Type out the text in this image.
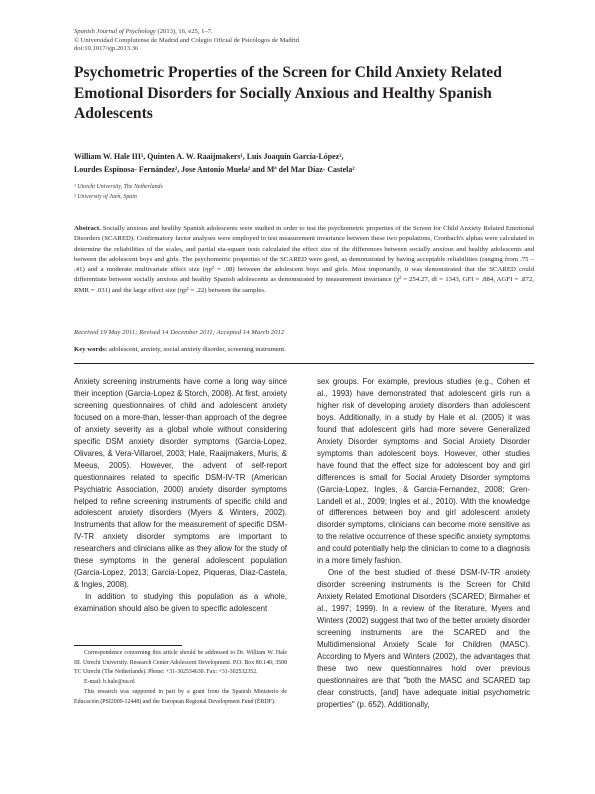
Spanish Journal of Psychology (2013), 16, e25, 1–7.
© Universidad Complutense de Madrid and Colegio Oficial de Psicólogos de Madrid
doi:10.1017/sjp.2013.36
Psychometric Properties of the Screen for Child Anxiety Related Emotional Disorders for Socially Anxious and Healthy Spanish Adolescents
William W. Hale III¹, Quinten A. W. Raaijmakers¹, Luis Joaquín García-López²,
Lourdes Espinosa- Fernández², Jose Antonio Muela² and Mª del Mar Díaz- Castela²
¹ Utrecht University, The Netherlands
² University of Jaén, Spain

Abstract. Socially anxious and healthy Spanish adolescents were studied in order to test the psychometric properties of the Screen for Child Anxiety Related Emotional Disorders (SCARED). Confirmatory factor analyses were employed to test measurement invariance between these two populations, Cronbach's alphas were calculated to determine the reliabilities of the scales, and partial eta-square tests calculated the effect size of the differences between socially anxious and healthy adolescents and between the adolescent boys and girls. The psychometric properties of the SCARED were good, as demonstrated by having acceptable reliabilities (ranging from .75 – .41) and a moderate multivariate effect size (ηp² = .08) between the adolescent boys and girls. Most importantly, it was demonstrated that the SCARED could differentiate between socially anxious and healthy Spanish adolescents as demonstrated by measurement invariance (χ² = 254.27, df = 1343, GFI = .884, AGFI = .872, RMR = .031) and the large effect size (ηp² = .22) between the samples.

Received 19 May 2011; Revised 14 December 2011; Accepted 14 March 2012
Key words: adolescent, anxiety, social anxiety disorder, screening instrument.

Anxiety screening instruments have come a long way since their inception (Garcia-Lopez & Storch, 2008). At first, anxiety screening questionnaires of child and adolescent anxiety focused on a more-than, lesser-than approach of the degree of anxiety severity as a global whole without considering specific DSM anxiety disorder symptoms (Garcia-Lopez, Olivares, & Vera-Villaroel, 2003; Hale, Raaijmakers, Muris, & Meeus, 2005). However, the advent of self-report questionnaires related to specific DSM-IV-TR (American Psychiatric Association, 2000) anxiety disorder symptoms helped to refine screening instruments of specific child and adolescent anxiety disorders (Myers & Winters, 2002). Instruments that allow for the measurement of specific DSM-IV-TR anxiety disorder symptoms are important to researchers and clinicians alike as they allow for the study of these symptoms in the general adolescent population (Garcia-Lopez, 2013; Garcia-Lopez, Piqueras, Diaz-Castela, & Ingles, 2008).

In addition to studying this population as a whole, examination should also be given to specific adolescent

Correspondence concerning this article should be addressed to Dr. William W. Hale III. Utrecht University. Research Center Adolescent Development. P.O. Box 80.140; 3508 TC Utrecht (The Netherlands). Phone: +31-302534630. Fax: +31-302532352.

E-mail: b.hale@uu.nl

This research was supported in part by a grant from the Spanish Ministerio de Educación (PSI2009-12448) and the European Regional Development Fund (ERDF).

sex groups. For example, previous studies (e.g., Cohen et al., 1993) have demonstrated that adolescent girls run a higher risk of developing anxiety disorders than adolescent boys. Additionally, in a study by Hale et al. (2005) it was found that adolescent girls had more severe Generalized Anxiety Disorder symptoms and Social Anxiety Disorder symptoms than adolescent boys. However, other studies have found that the effect size for adolescent boy and girl differences is small for Social Anxiety Disorder symptoms (Garcia-Lopez, Ingles, & Garcia-Fernandez, 2008; Gren-Landell et al., 2009; Ingles et al., 2010). With the knowledge of differences between boy and girl adolescent anxiety disorder symptoms, clinicians can become more sensitive as to the relative occurrence of these specific anxiety symptoms and could potentially help the clinician to come to a diagnosis in a more timely fashion.

One of the best studied of these DSM-IV-TR anxiety disorder screening instruments is the Screen for Child Anxiety Related Emotional Disorders (SCARED; Birmaher et al., 1997; 1999). In a review of the literature, Myers and Winters (2002) suggest that two of the better anxiety disorder screening instruments are the SCARED and the Multidimensional Anxiety Scale for Children (MASC). According to Myers and Winters (2002), the advantages that these two new questionnaires hold over previous questionnaires are that "both the MASC and SCARED tap clear constructs, [and] have adequate initial psychometric properties" (p. 652). Additionally,
